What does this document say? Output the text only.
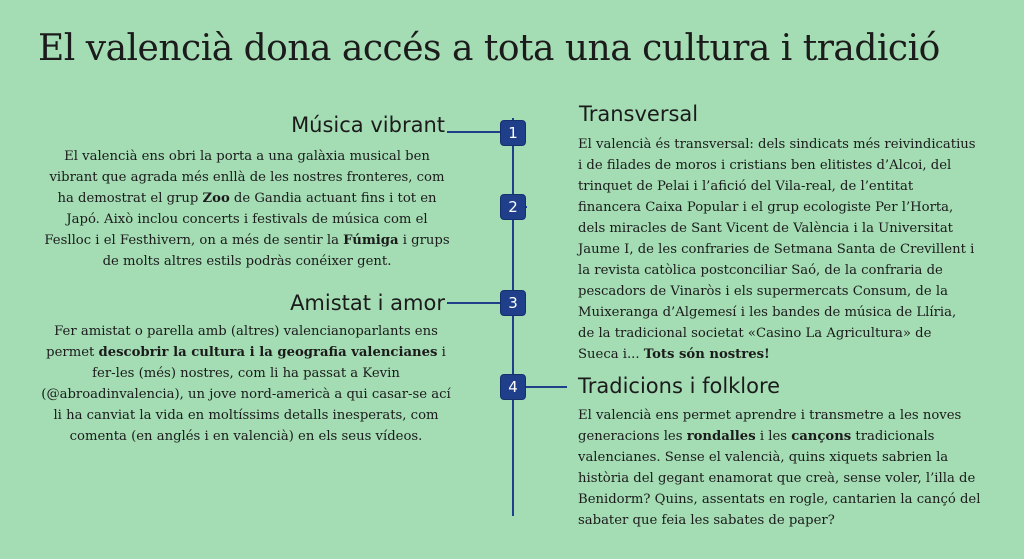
El valencià dona accés a tota una cultura i tradició
1
2
3
4
Música vibrant

El valencià ens obri la porta a una galàxia musical ben vibrant que agrada més enllà de les nostres fronteres, com ha demostrat el grup Zoo de Gandia actuant fins i tot en Japó. Això inclou concerts i festivals de música com el Feslloc i el Festhivern, on a més de sentir la Fúmiga i grups de molts altres estils podràs conéixer gent.

Amistat i amor

Fer amistat o parella amb (altres) valencianoparlants ens permet descobrir la cultura i la geografia valencianes i fer-les (més) nostres, com li ha passat a Kevin (@abroadinvalencia), un jove nord-americà a qui casar-se ací li ha canviat la vida en moltíssims detalls inesperats, com comenta (en anglés i en valencià) en els seus vídeos.

Transversal

El valencià és transversal: dels sindicats més reivindicatius i de filades de moros i cristians ben elitistes d’Alcoi, del trinquet de Pelai i l’afició del Vila-real, de l’entitat financera Caixa Popular i el grup ecologiste Per l’Horta, dels miracles de Sant Vicent de València i la Universitat Jaume I, de les confraries de Setmana Santa de Crevillent i la revista catòlica postconciliar Saó, de la confraria de pescadors de Vinaròs i els supermercats Consum, de la Muixeranga d’Algemesí i les bandes de música de Llíria, de la tradicional societat «Casino La Agricultura» de Sueca i... Tots són nostres!

Tradicions i folklore

El valencià ens permet aprendre i transmetre a les noves generacions les rondalles i les cançons tradicionals valencianes. Sense el valencià, quins xiquets sabrien la història del gegant enamorat que creà, sense voler, l’illa de Benidorm? Quins, assentats en rogle, cantarien la cançó del sabater que feia les sabates de paper?
